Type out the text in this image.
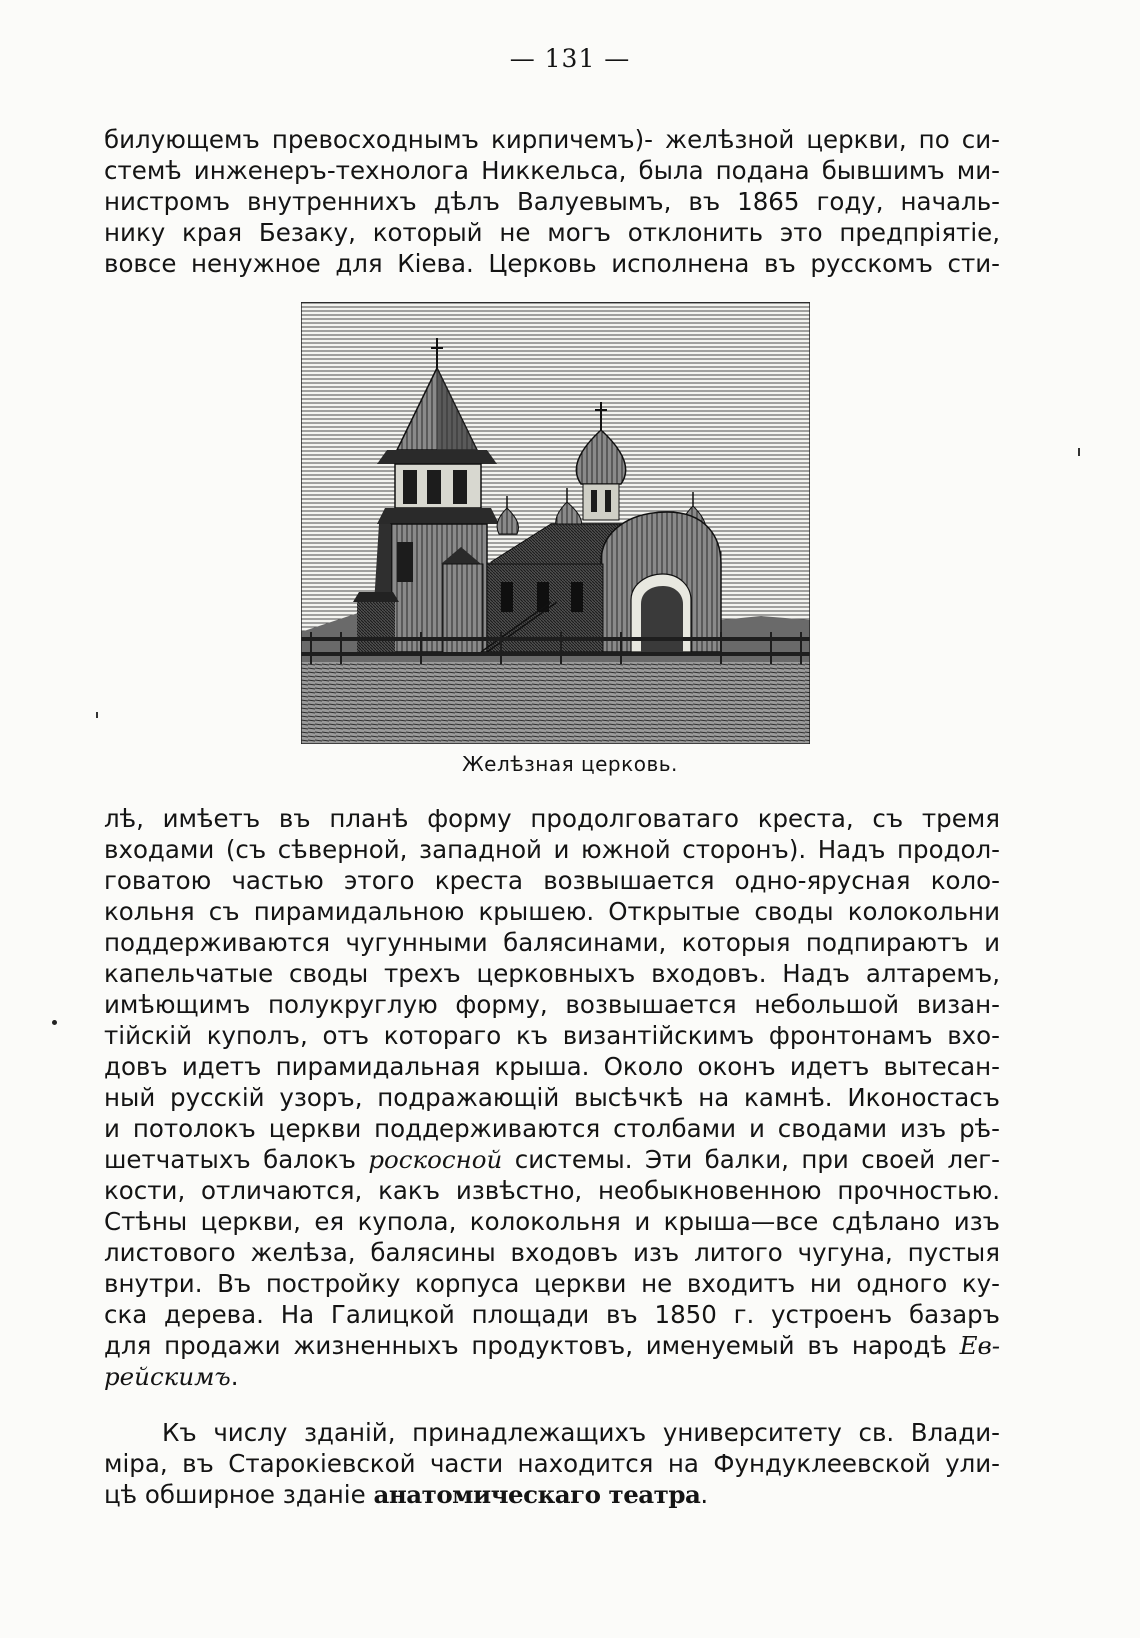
— 131 —
билующемъ превосходнымъ кирпичемъ)- желѣзной церкви, по си-
стемѣ инженеръ-технолога Никкельса, была подана бывшимъ ми-
нистромъ внутреннихъ дѣлъ Валуевымъ, въ 1865 году, началь-
нику края Безаку, который не могъ отклонить это предпріятіе,
вовсе ненужное для Кіева. Церковь исполнена въ русскомъ сти-
Желѣзная церковь.
лѣ, имѣетъ въ планѣ форму продолговатаго креста, съ тремя
входами (съ сѣверной, западной и южной сторонъ). Надъ продол-
говатою частью этого креста возвышается одно-ярусная коло-
кольня съ пирамидальною крышею. Открытые своды колокольни
поддерживаются чугунными балясинами, которыя подпираютъ и
капельчатые своды трехъ церковныхъ входовъ. Надъ алтаремъ,
имѣющимъ полукруглую форму, возвышается небольшой визан-
тійскій куполъ, отъ котораго къ византійскимъ фронтонамъ вхо-
довъ идетъ пирамидальная крыша. Около оконъ идетъ вытесан-
ный русскій узоръ, подражающій высѣчкѣ на камнѣ. Иконостасъ
и потолокъ церкви поддерживаются столбами и сводами изъ рѣ-
шетчатыхъ балокъ роскосной системы. Эти балки, при своей лег-
кости, отличаются, какъ извѣстно, необыкновенною прочностью.
Стѣны церкви, ея купола, колокольня и крыша—все сдѣлано изъ
листового желѣза, балясины входовъ изъ литого чугуна, пустыя
внутри. Въ постройку корпуса церкви не входитъ ни одного ку-
ска дерева. На Галицкой площади въ 1850 г. устроенъ базаръ
для продажи жизненныхъ продуктовъ, именуемый въ народѣ Ев-
рейскимъ.
Къ числу зданій, принадлежащихъ университету св. Влади-
міра, въ Старокіевской части находится на Фундуклеевской ули-
цѣ обширное зданіе анатомическаго театра.
